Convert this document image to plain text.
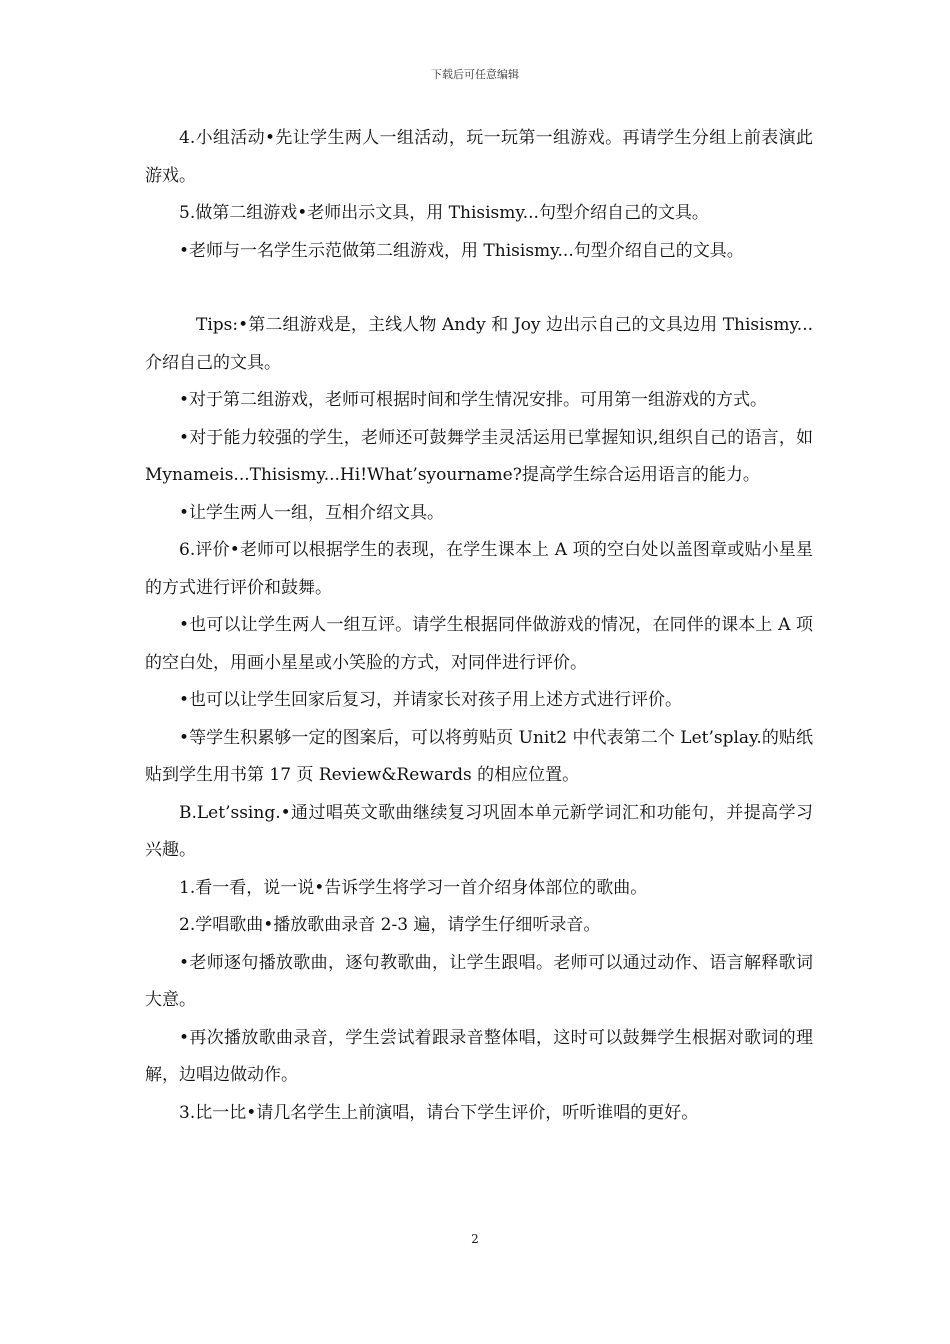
下载后可任意编辑

4.小组活动•先让学生两人一组活动，玩一玩第一组游戏。再请学生分组上前表演此游戏。

5.做第二组游戏•老师出示文具，用 Thisismy...句型介绍自己的文具。

•老师与一名学生示范做第二组游戏，用 Thisismy...句型介绍自己的文具。

Tips:•第二组游戏是，主线人物 Andy 和 Joy 边出示自己的文具边用 Thisismy...介绍自己的文具。

•对于第二组游戏，老师可根据时间和学生情况安排。可用第一组游戏的方式。

•对于能力较强的学生，老师还可鼓舞学圭灵活运用已掌握知识,组织自己的语言，如 Mynameis...Thisismy...Hi!What’syourname?提高学生综合运用语言的能力。

•让学生两人一组，互相介绍文具。

6.评价•老师可以根据学生的表现，在学生课本上 A 项的空白处以盖图章或贴小星星的方式进行评价和鼓舞。

•也可以让学生两人一组互评。请学生根据同伴做游戏的情况，在同伴的课本上 A 项的空白处，用画小星星或小笑脸的方式，对同伴进行评价。

•也可以让学生回家后复习，并请家长对孩子用上述方式进行评价。

•等学生积累够一定的图案后，可以将剪贴页 Unit2 中代表第二个 Let’splay.的贴纸贴到学生用书第 17 页 Review&Rewards 的相应位置。

B.Let’ssing.•通过唱英文歌曲继续复习巩固本单元新学词汇和功能句，并提高学习兴趣。

1.看一看，说一说•告诉学生将学习一首介绍身体部位的歌曲。

2.学唱歌曲•播放歌曲录音 2-3 遍，请学生仔细听录音。

•老师逐句播放歌曲，逐句教歌曲，让学生跟唱。老师可以通过动作、语言解释歌词大意。

•再次播放歌曲录音，学生尝试着跟录音整体唱，这时可以鼓舞学生根据对歌词的理解，边唱边做动作。

3.比一比•请几名学生上前演唱，请台下学生评价，听听谁唱的更好。

2
